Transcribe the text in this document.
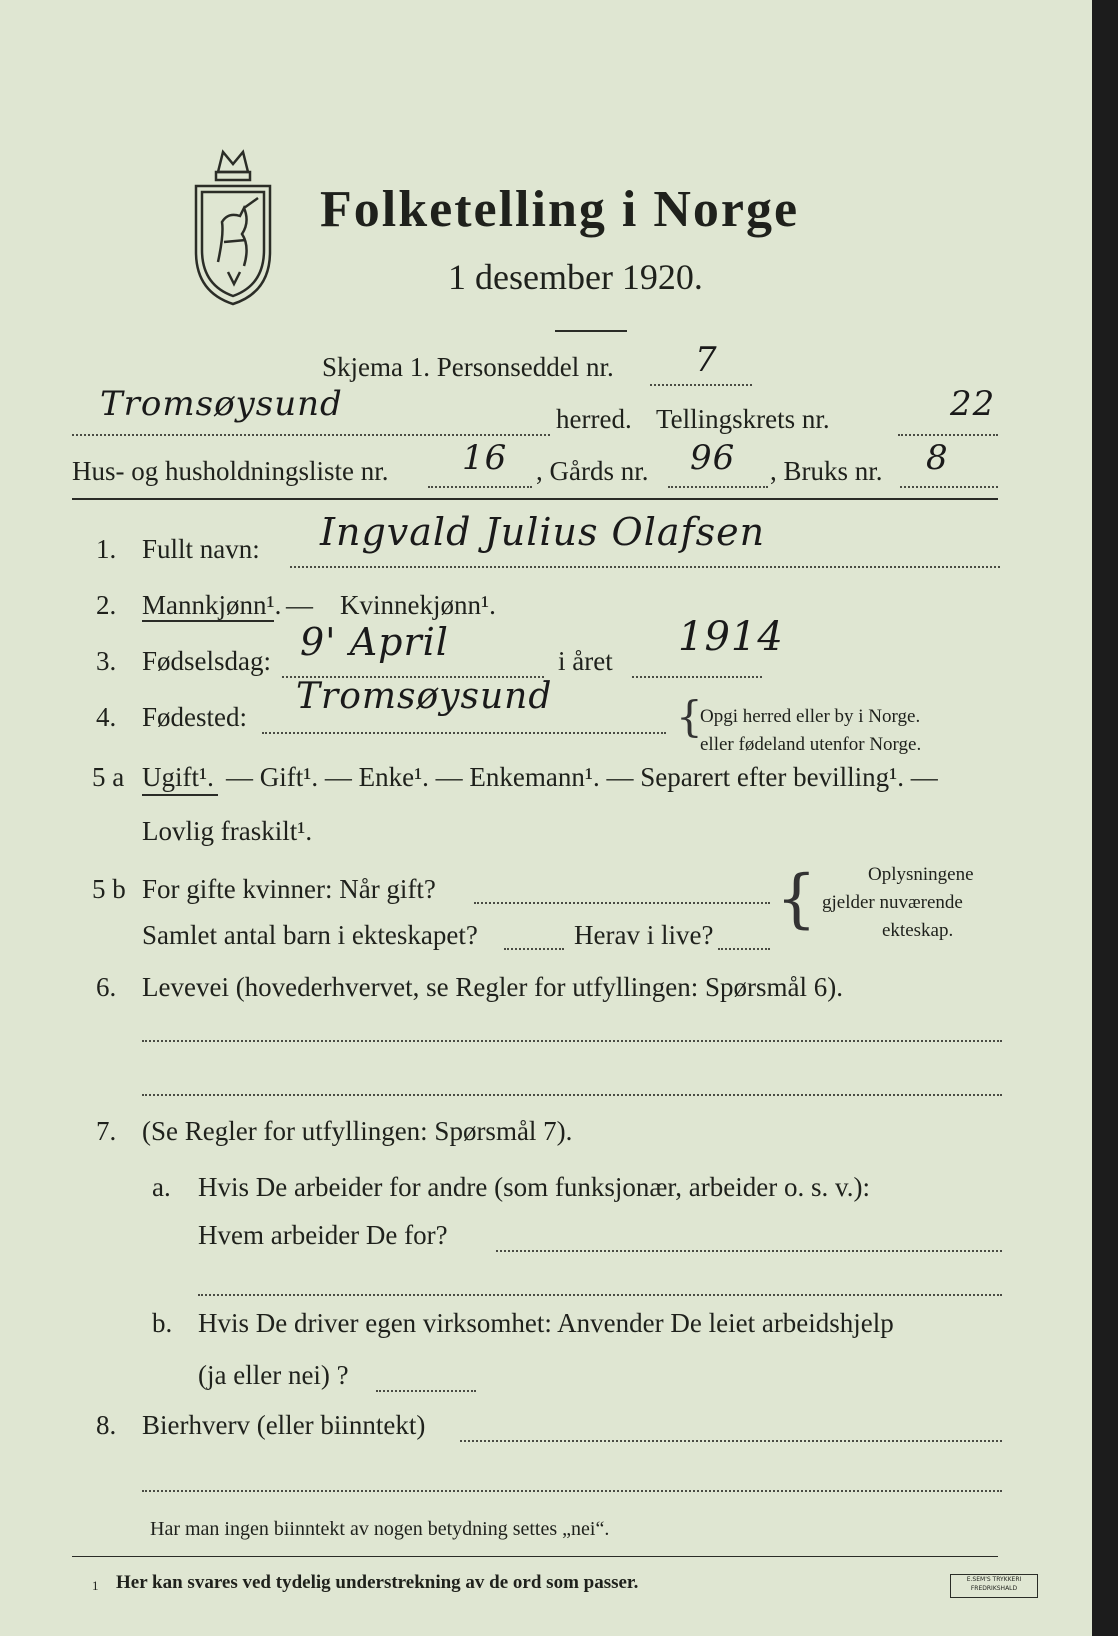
Folketelling i Norge
1 desember 1920.
Skjema 1. Personseddel nr. 7
Tromsøysund	herred. Tellingskrets nr.	22
Hus- og husholdningsliste nr. 16 , Gårds nr. 96 , Bruks nr. 8
1. Fullt navn: Ingvald Julius Olafsen
2. Mannkjønn¹. — Kvinnekjønn¹.
3. Fødselsdag: 9' April	i året
1914
4. Fødested: Tromsøysund	{
Opgi herred eller by i Norge.
eller fødeland utenfor Norge.
5 a Ugift¹. — Gift¹. — Enke¹. — Enkemann¹. — Separert efter bevilling¹. —
Lovlig fraskilt¹.
5 b For gifte kvinner: Når gift?
Samlet antal barn i ekteskapet?	Herav i live? {	Oplysningene
gjelder nuværende
ekteskap.
6. Levevei (hovederhvervet, se Regler for utfyllingen: Spørsmål 6).
7. (Se Regler for utfyllingen: Spørsmål 7).
a. Hvis De arbeider for andre (som funksjonær, arbeider o. s. v.):
Hvem arbeider De for?
b. Hvis De driver egen virksomhet: Anvender De leiet arbeidshjelp
(ja eller nei) ?
8. Bierhverv (eller biinntekt)
Har man ingen biinntekt av nogen betydning settes „nei“.
1 Her kan svares ved tydelig understrekning av de ord som passer.	E.SEM'S TRYKKERI FREDRIKSHALD
